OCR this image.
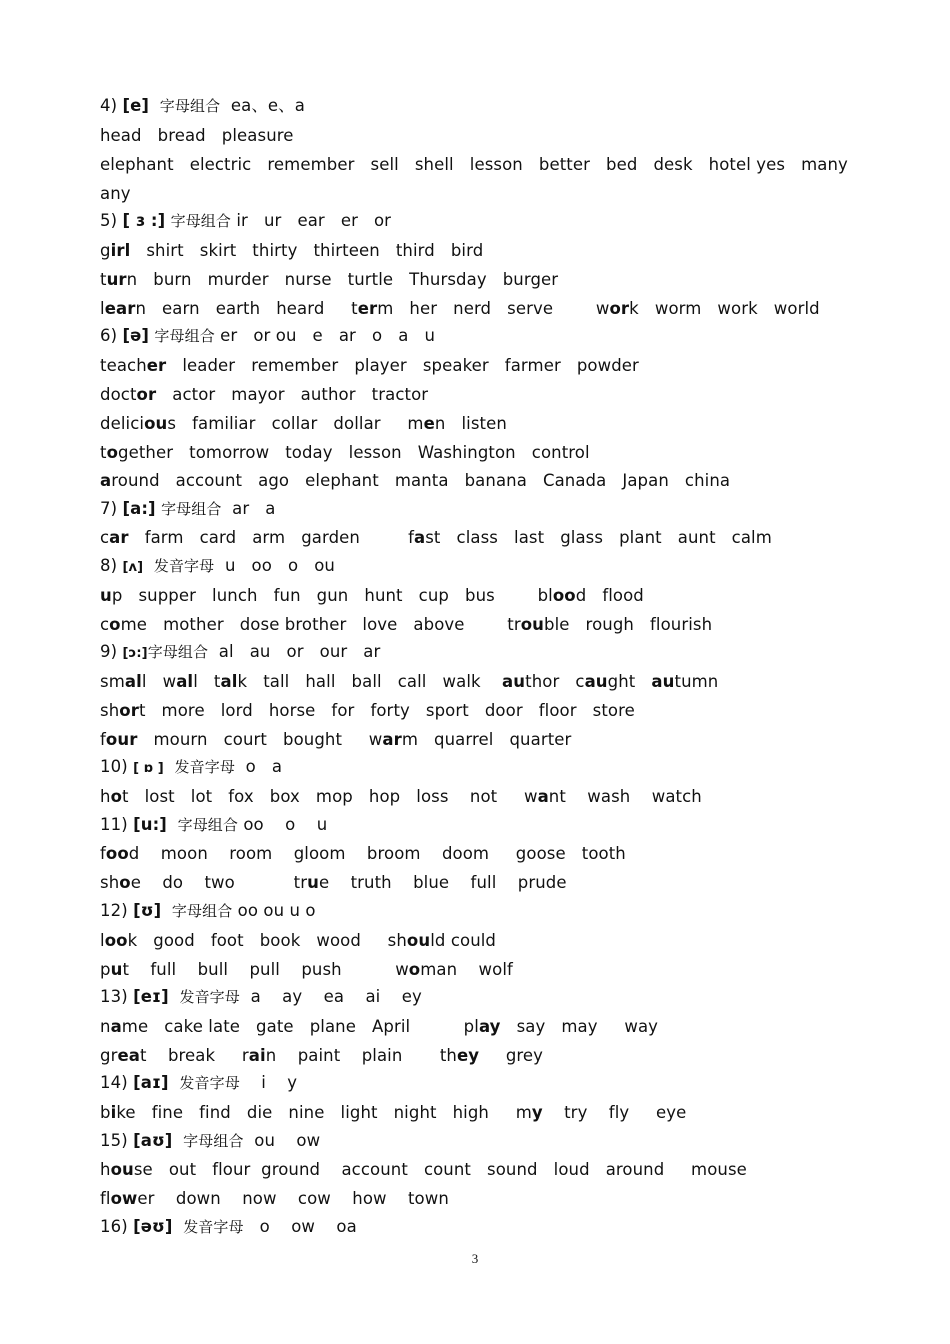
4) [e] 字母组合  ea、e、a
head   bread   pleasure
elephant   electric   remember   sell   shell   lesson   better   bed   desk   hotel yes   many
any
5) [ ɜ :] 字母组合 ir   ur   ear   er   or
girl   shirt   skirt   thirty   thirteen   third   bird
turn   burn   murder   nurse   turtle   Thursday   burger
learn   earn   earth   heard     term   her   nerd   serve        work   worm   work   world
6) [ə] 字母组合 er   or ou   e   ar   o   a   u
teacher   leader   remember   player   speaker   farmer   powder
doctor   actor   mayor   author   tractor
delicious   familiar   collar   dollar     men   listen
together   tomorrow   today   lesson   Washington   control
around   account   ago   elephant   manta   banana   Canada   Japan   china
7) [a:] 字母组合  ar   a
car   farm   card   arm   garden         fast   class   last   glass   plant   aunt   calm
8) [ʌ] 发音字母  u   oo   o   ou
up   supper   lunch   fun   gun   hunt   cup   bus        blood   flood
come   mother   dose brother   love   above        trouble   rough   flourish
9) [ɔ:]字母组合  al   au   or   our   ar
small   wall   talk   tall   hall   ball   call   walk    author   caught   autumn
short   more   lord   horse   for   forty   sport   door   floor   store
four   mourn   court   bought     warm   quarrel   quarter
10) [ ɒ ] 发音字母  o   a
hot   lost   lot   fox   box   mop   hop   loss    not     want    wash    watch
11) [u:] 字母组合 oo    o    u
food    moon    room    gloom    broom    doom     goose   tooth
shoe    do    two           true    truth    blue    full    prude
12) [ʊ] 字母组合 oo ou u o
look   good   foot   book   wood     should could
put    full    bull    pull    push          woman    wolf
13) [eɪ] 发音字母  a    ay    ea    ai    ey
name   cake late   gate   plane   April          play   say   may     way
great    break     rain    paint    plain       they     grey
14) [aɪ] 发音字母    i    y
bike   fine   find   die   nine   light   night   high     my    try    fly     eye
15) [aʊ] 字母组合  ou    ow
house   out   flour  ground    account   count   sound   loud   around     mouse
flower    down    now    cow    how    town
16) [əʊ] 发音字母   o    ow    oa
3
